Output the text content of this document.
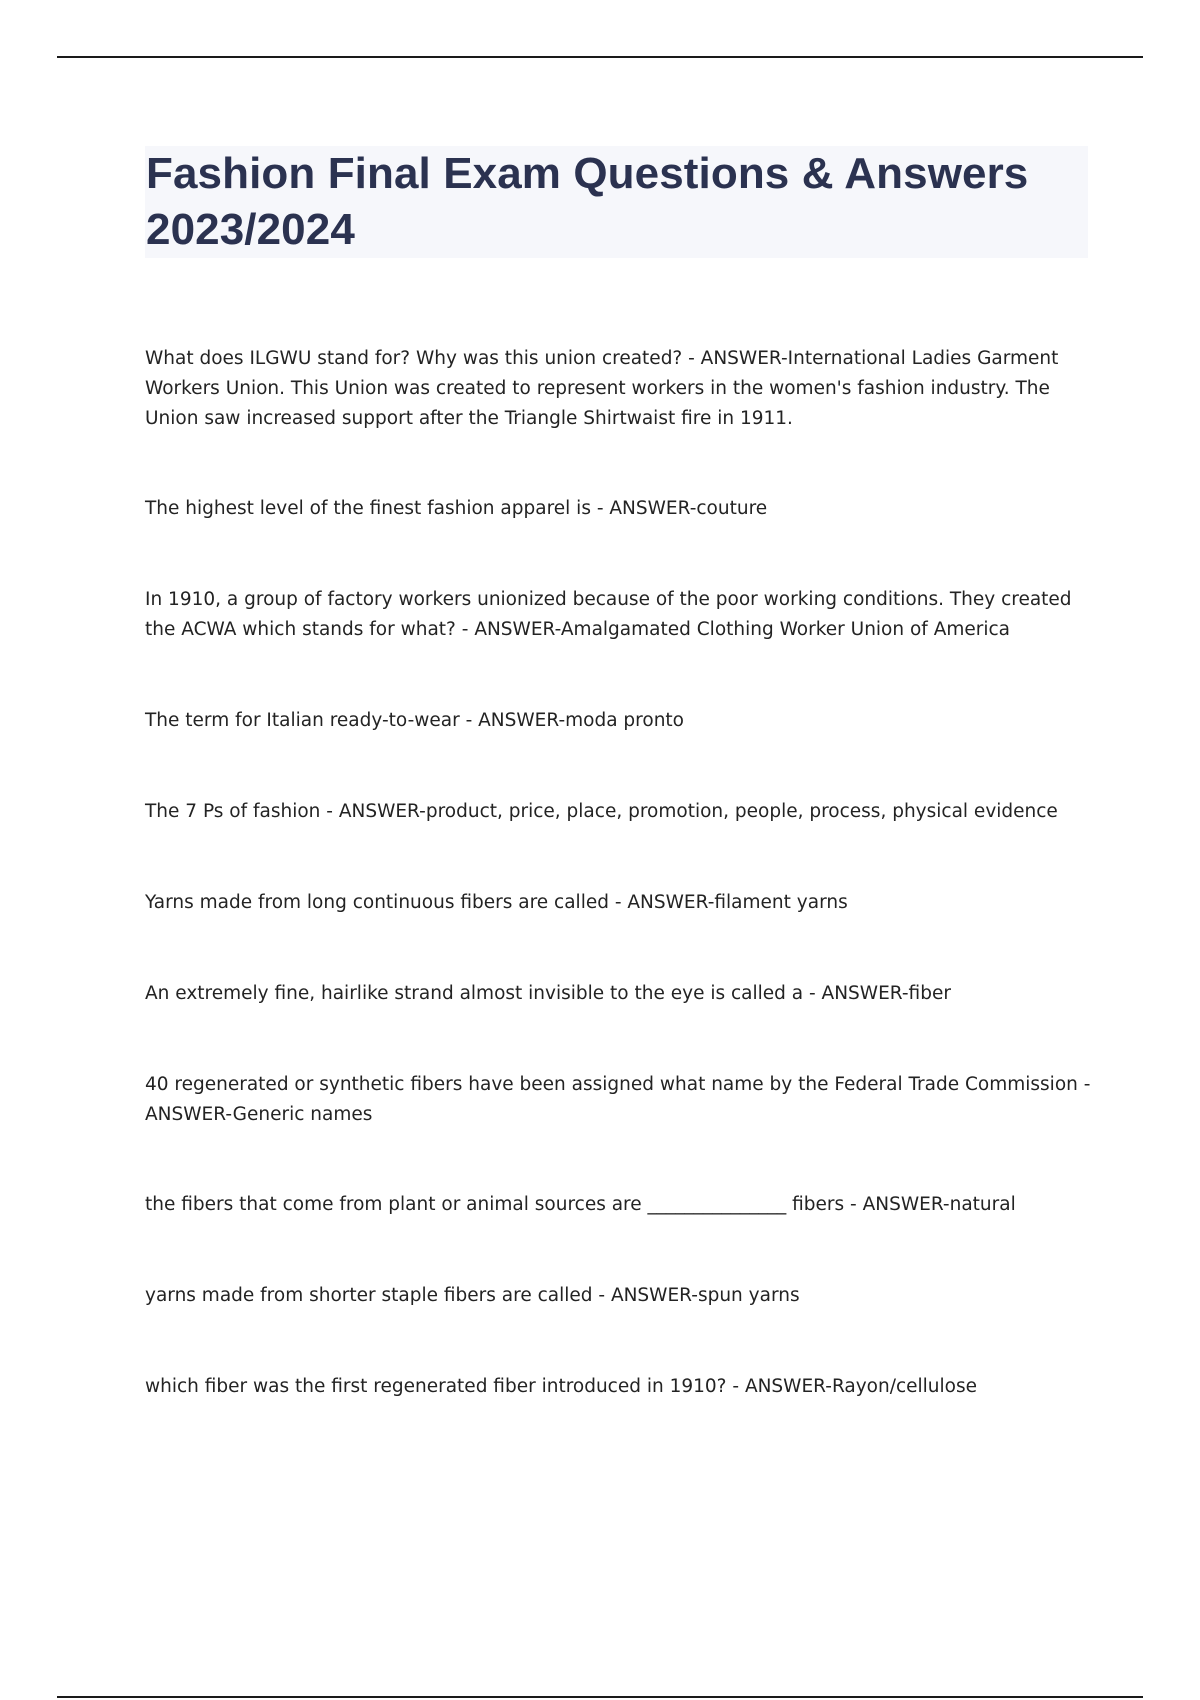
Fashion Final Exam Questions & Answers 2023/2024
What does ILGWU stand for? Why was this union created? - ANSWER-International Ladies Garment Workers Union. This Union was created to represent workers in the women's fashion industry. The Union saw increased support after the Triangle Shirtwaist fire in 1911.
The highest level of the finest fashion apparel is - ANSWER-couture
In 1910, a group of factory workers unionized because of the poor working conditions. They created the ACWA which stands for what? - ANSWER-Amalgamated Clothing Worker Union of America
The term for Italian ready-to-wear - ANSWER-moda pronto
The 7 Ps of fashion - ANSWER-product, price, place, promotion, people, process, physical evidence
Yarns made from long continuous fibers are called - ANSWER-filament yarns
An extremely fine, hairlike strand almost invisible to the eye is called a - ANSWER-fiber
40 regenerated or synthetic fibers have been assigned what name by the Federal Trade Commission - ANSWER-Generic names
the fibers that come from plant or animal sources are _______________ fibers - ANSWER-natural
yarns made from shorter staple fibers are called - ANSWER-spun yarns
which fiber was the first regenerated fiber introduced in 1910? - ANSWER-Rayon/cellulose
